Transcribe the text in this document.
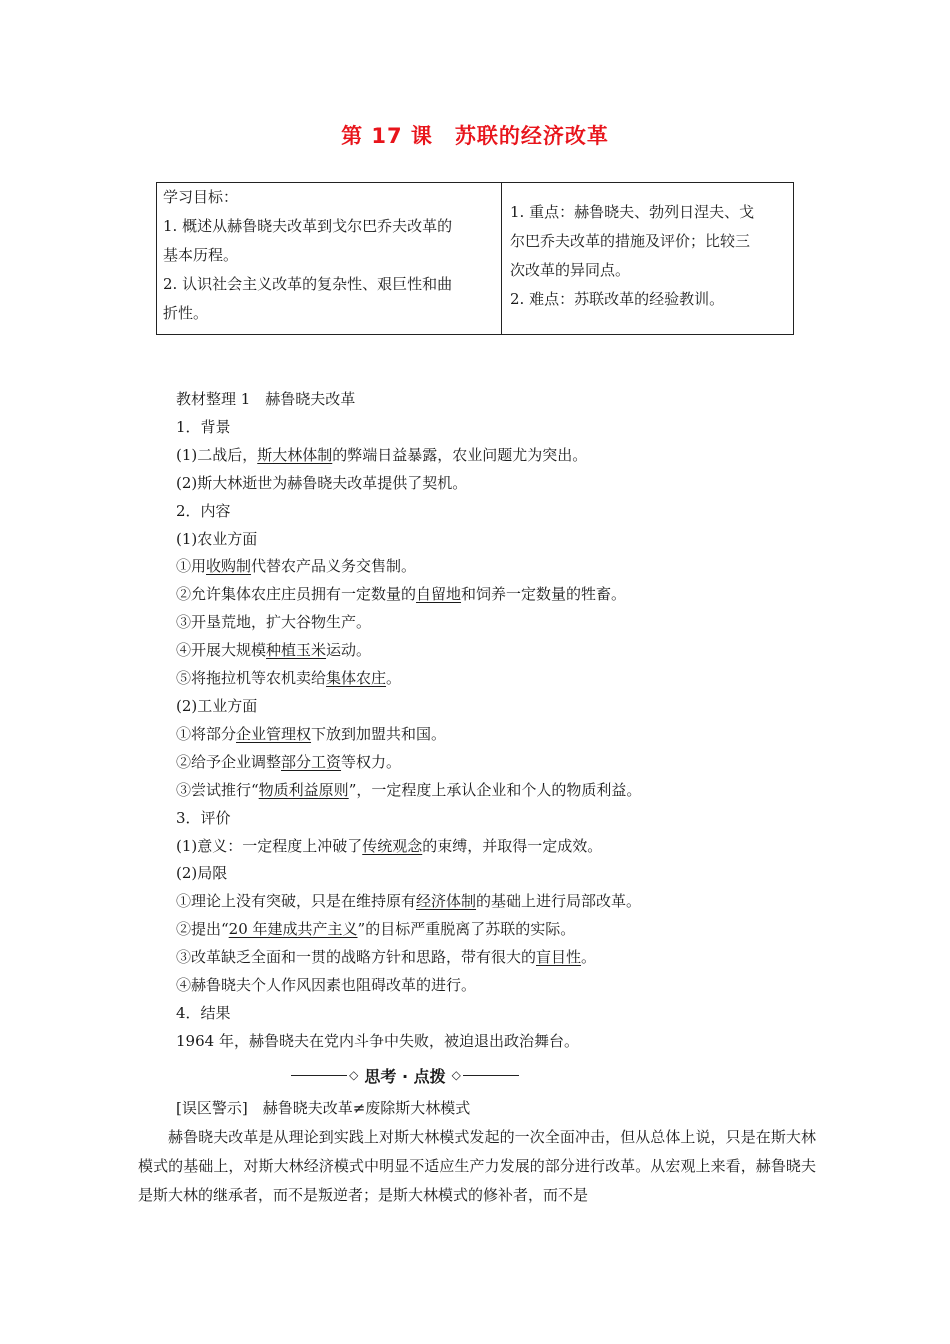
第 17 课　苏联的经济改革
学习目标：
1. 概述从赫鲁晓夫改革到戈尔巴乔夫改革的
基本历程。
2. 认识社会主义改革的复杂性、艰巨性和曲
折性。

1. 重点：赫鲁晓夫、勃列日涅夫、戈
尔巴乔夫改革的措施及评价；比较三
次改革的异同点。
2. 难点：苏联改革的经验教训。
教材整理 1　赫鲁晓夫改革
1．背景
(1)二战后，斯大林体制的弊端日益暴露，农业问题尤为突出。
(2)斯大林逝世为赫鲁晓夫改革提供了契机。
2．内容
(1)农业方面
①用收购制代替农产品义务交售制。
②允许集体农庄庄员拥有一定数量的自留地和饲养一定数量的牲畜。
③开垦荒地，扩大谷物生产。
④开展大规模种植玉米运动。
⑤将拖拉机等农机卖给集体农庄。
(2)工业方面
①将部分企业管理权下放到加盟共和国。
②给予企业调整部分工资等权力。
③尝试推行“物质利益原则”，一定程度上承认企业和个人的物质利益。
3．评价
(1)意义：一定程度上冲破了传统观念的束缚，并取得一定成效。
(2)局限
①理论上没有突破，只是在维持原有经济体制的基础上进行局部改革。
②提出“20 年建成共产主义”的目标严重脱离了苏联的实际。
③改革缺乏全面和一贯的战略方针和思路，带有很大的盲目性。
④赫鲁晓夫个人作风因素也阻碍改革的进行。
4．结果
1964 年，赫鲁晓夫在党内斗争中失败，被迫退出政治舞台。
◇ 思考 · 点拨 ◇
[误区警示]　赫鲁晓夫改革≠废除斯大林模式

赫鲁晓夫改革是从理论到实践上对斯大林模式发起的一次全面冲击，但从总体上说，只是在斯大林模式的基础上，对斯大林经济模式中明显不适应生产力发展的部分进行改革。从宏观上来看，赫鲁晓夫是斯大林的继承者，而不是叛逆者；是斯大林模式的修补者，而不是
